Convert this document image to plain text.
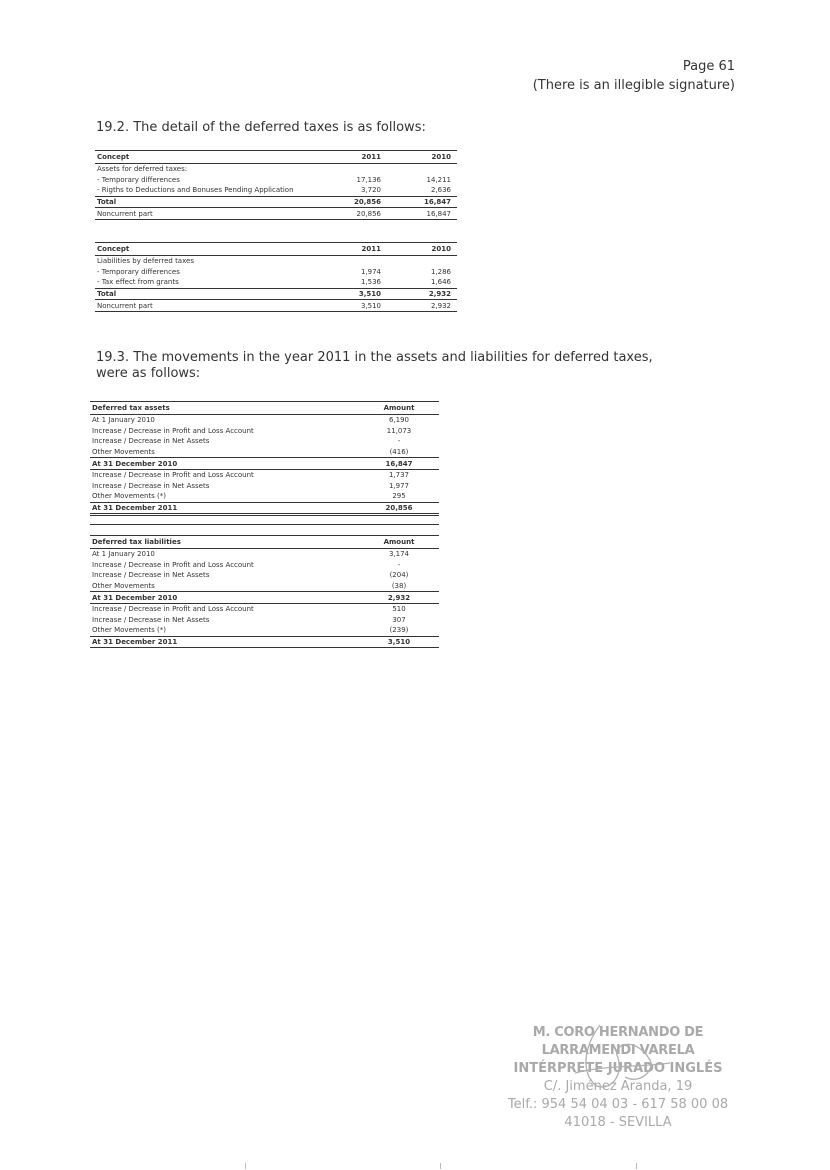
Page 61
(There is an illegible signature)
19.2. The detail of the deferred taxes is as follows:
Concept	2011	2010
Assets for deferred taxes:		
- Temporary differences	17,136	14,211
- Rigths to Deductions and Bonuses Pending Application	3,720	2,636
Total	20,856	16,847
Noncurrent part	20,856	16,847
Concept	2011	2010
Liabilities by deferred taxes		
- Temporary differences	1,974	1,286
- Tax effect from grants	1,536	1,646
Total	3,510	2,932
Noncurrent part	3,510	2,932
19.3. The movements in the year 2011 in the assets and liabilities for deferred taxes,
were as follows:
Deferred tax assets	Amount
At 1 January 2010	6,190
Increase / Decrease in Profit and Loss Account	11,073
Increase / Decrease in Net Assets	-
Other Movements	(416)
At 31 December 2010	16,847
Increase / Decrease in Profit and Loss Account	1,737
Increase / Decrease in Net Assets	1,977
Other Movements (*)	295
At 31 December 2011	20,856
Deferred tax liabilities	Amount
At 1 January 2010	3,174
Increase / Decrease in Profit and Loss Account	-
Increase / Decrease in Net Assets	(204)
Other Movements	(38)
At 31 December 2010	2,932
Increase / Decrease in Profit and Loss Account	510
Increase / Decrease in Net Assets	307
Other Movements (*)	(239)
At 31 December 2011	3,510
M. CORO HERNANDO DE LARRAMENDI VARELA
INTÉRPRETE JURADO INGLÉS
C/. Jiménez Aranda, 19
Telf.: 954 54 04 03 - 617 58 00 08
41018 - SEVILLA
